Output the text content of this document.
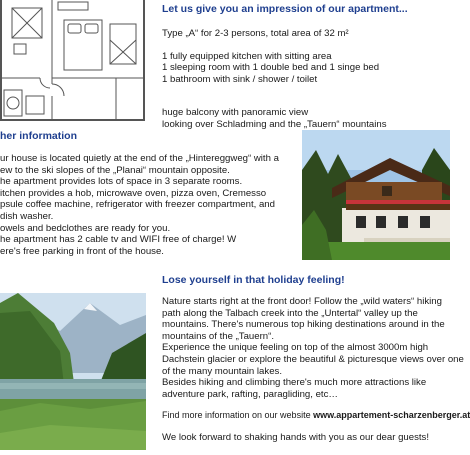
Let us give you an impression of our apartment...
Type „A“ for 2-3 persons, total area of 32 m²
1 fully equipped kitchen with sitting area
1 sleeping room with 1 double bed and 1 singe bed
1 bathroom with sink / shower / toilet
huge balcony with panoramic view
looking over Schladming and the „Tauern“ mountains
her information
ur house is located quietly at the end of the „Hintereggweg“ with a
ew to the ski slopes of the „Planai“ mountain opposite.
he apartment provides lots of space in 3 separate rooms.
itchen provides a hob, microwave oven, pizza oven, Cremesso
psule coffee machine, refrigerator with freezer compartment, and
dish washer.
owels and bedclothes are ready for you.
he apartment has 2 cable tv and WIFI free of charge! W
ere's free parking in front of the house.
Lose yourself in that holiday feeling!
Nature starts right at the front door! Follow the „wild waters“ hiking
path along the Talbach creek into the „Untertal“ valley up the
mountains. There's numerous top hiking destinations around in the
mountains of the „Tauern“.
Experience the unique feeling on top of the almost 3000m high
Dachstein glacier or explore the beautiful & picturesque views over one
of the many mountain lakes.
Besides hiking and climbing there's much more attractions like
adventure park, rafting, paragliding, etc…
Find more information on our website www.appartement-scharzenberger.at
We look forward to shaking hands with you as our dear guests!
